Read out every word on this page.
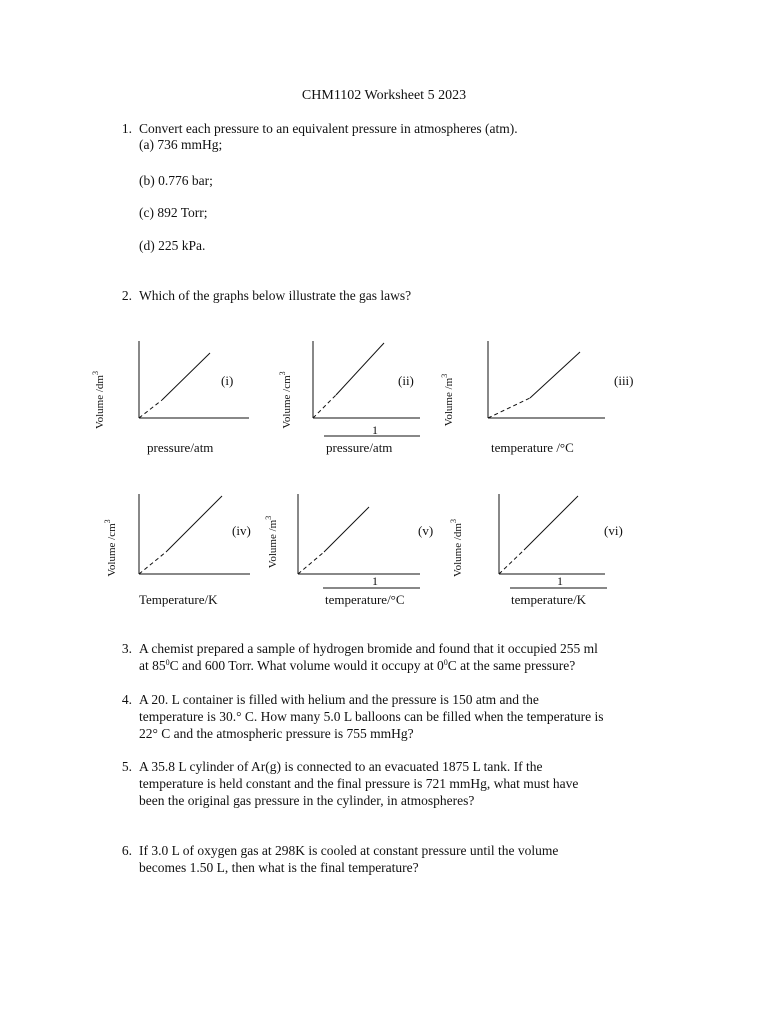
CHM1102 Worksheet 5 2023
1. Convert each pressure to an equivalent pressure in atmospheres (atm).
(a) 736 mmHg;
(b) 0.776 bar;
(c) 892 Torr;
(d) 225 kPa.
2. Which of the graphs below illustrate the gas laws?
(i)
Volume $/dm^3$
pressure/atm
(ii)
Volume $/cm^3$
pressure/atm
1
(iii)
Volume $/m^3$
temperature /°C
(iv)
Volume $/cm^3$
Temperature/K
(v)
Volume $/m^3$
temperature/°C
1
(vi)
Volume $/dm^3$
temperature/K
1
3. A chemist prepared a sample of hydrogen bromide and found that it occupied 255 ml
at $85^0C$ and 600 Torr. What volume would it occupy at $0^0C$ at the same pressure?
4. A 20. L container is filled with helium and the pressure is 150 atm and the
temperature is 30.° C. How many 5.0 L balloons can be filled when the temperature is
22° C and the atmospheric pressure is 755 mmHg?
5. A 35.8 L cylinder of Ar(g) is connected to an evacuated 1875 L tank. If the
temperature is held constant and the final pressure is 721 mmHg, what must have
been the original gas pressure in the cylinder, in atmospheres?
6. If 3.0 L of oxygen gas at 298K is cooled at constant pressure until the volume
becomes 1.50 L, then what is the final temperature?
